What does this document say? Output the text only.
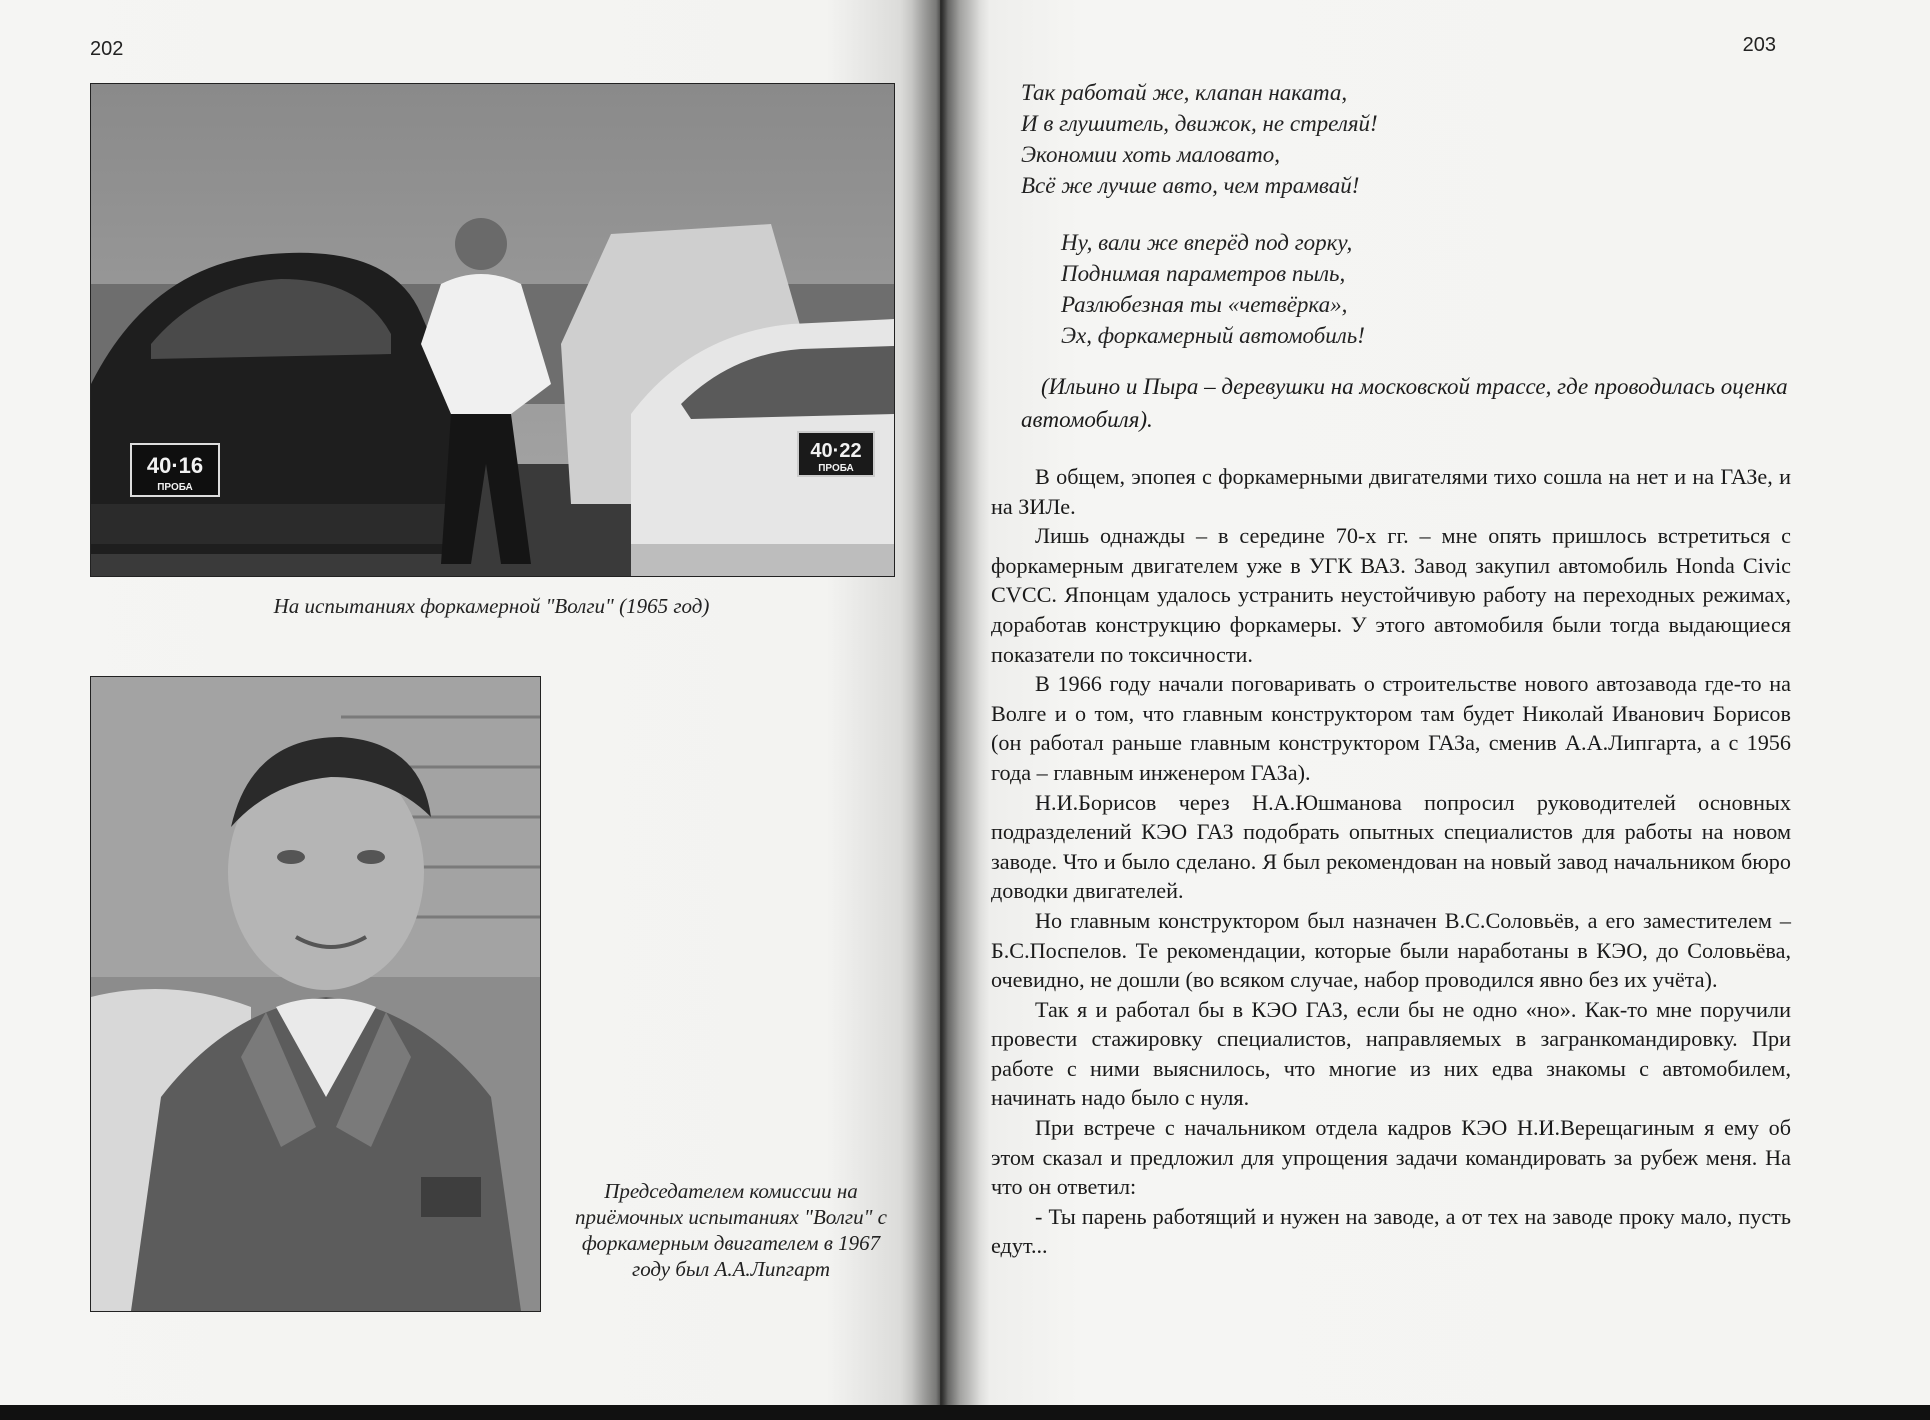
202
40·16
ПРОБА
40·22
ПРОБА
На испытаниях форкамерной "Волги" (1965 год)
Председателем комиссии на приёмочных испытаниях "Волги" с форкамерным двигателем в 1967 году был А.А.Липгарт
203
Так работай же, клапан наката,
И в глушитель, движок, не стреляй!
Экономии хоть маловато,
Всё же лучше авто, чем трамвай!
Ну, вали же вперёд под горку,
Поднимая параметров пыль,
Разлюбезная ты «четвёрка»,
Эх, форкамерный автомобиль!
(Ильино и Пыра – деревушки на московской трассе, где проводилась оценка автомобиля).

В общем, эпопея с форкамерными двигателями тихо сошла на нет и на ГАЗе, и на ЗИЛе.

Лишь однажды – в середине 70-х гг. – мне опять пришлось встретиться с форкамерным двигателем уже в УГК ВАЗ. Завод закупил автомобиль Honda Civic CVCC. Японцам удалось устранить неустойчивую работу на переходных режимах, доработав конструкцию форкамеры. У этого автомобиля были тогда выдающиеся показатели по токсичности.

В 1966 году начали поговаривать о строительстве нового автозавода где-то на Волге и о том, что главным конструктором там будет Николай Иванович Борисов (он работал раньше главным конструктором ГАЗа, сменив А.А.Липгарта, а с 1956 года – главным инженером ГАЗа).

Н.И.Борисов через Н.А.Юшманова попросил руководителей основных подразделений КЭО ГАЗ подобрать опытных специалистов для работы на новом заводе. Что и было сделано. Я был рекомендован на новый завод начальником бюро доводки двигателей.

Но главным конструктором был назначен В.С.Соловьёв, а его заместителем – Б.С.Поспелов. Те рекомендации, которые были наработаны в КЭО, до Соловьёва, очевидно, не дошли (во всяком случае, набор проводился явно без их учёта).

Так я и работал бы в КЭО ГАЗ, если бы не одно «но». Как-то мне поручили провести стажировку специалистов, направляемых в загранкомандировку. При работе с ними выяснилось, что многие из них едва знакомы с автомобилем, начинать надо было с нуля.

При встрече с начальником отдела кадров КЭО Н.И.Верещагиным я ему об этом сказал и предложил для упрощения задачи командировать за рубеж меня. На что он ответил:

- Ты парень работящий и нужен на заводе, а от тех на заводе проку мало, пусть едут...
